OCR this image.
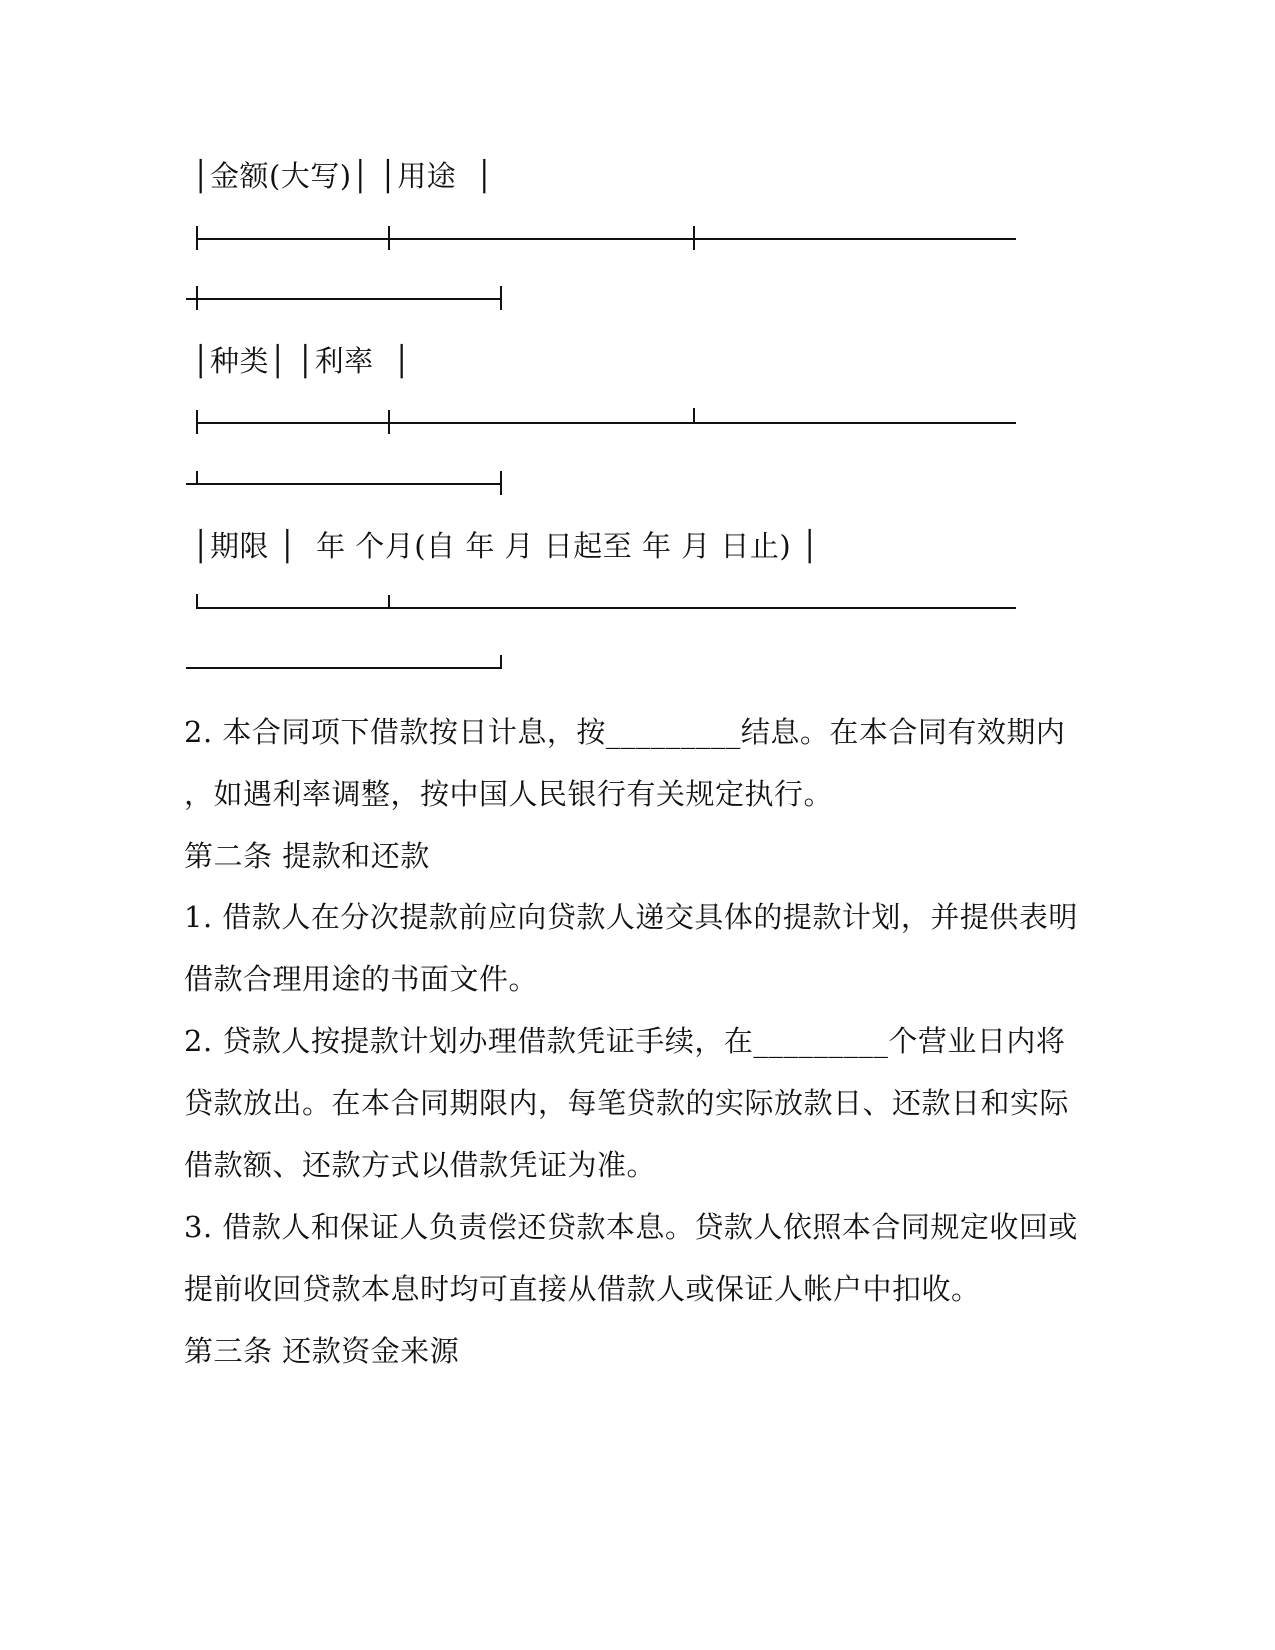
│金额(大写)│ │用途  │
│种类│ │利率  │
│期限 │  年 个月(自 年 月 日起至 年 月 日止) │
2. 本合同项下借款按日计息，按_________结息。在本合同有效期内
，如遇利率调整，按中国人民银行有关规定执行。
第二条 提款和还款
1. 借款人在分次提款前应向贷款人递交具体的提款计划，并提供表明
借款合理用途的书面文件。
2. 贷款人按提款计划办理借款凭证手续，在_________个营业日内将
贷款放出。在本合同期限内，每笔贷款的实际放款日、还款日和实际
借款额、还款方式以借款凭证为准。
3. 借款人和保证人负责偿还贷款本息。贷款人依照本合同规定收回或
提前收回贷款本息时均可直接从借款人或保证人帐户中扣收。
第三条 还款资金来源
